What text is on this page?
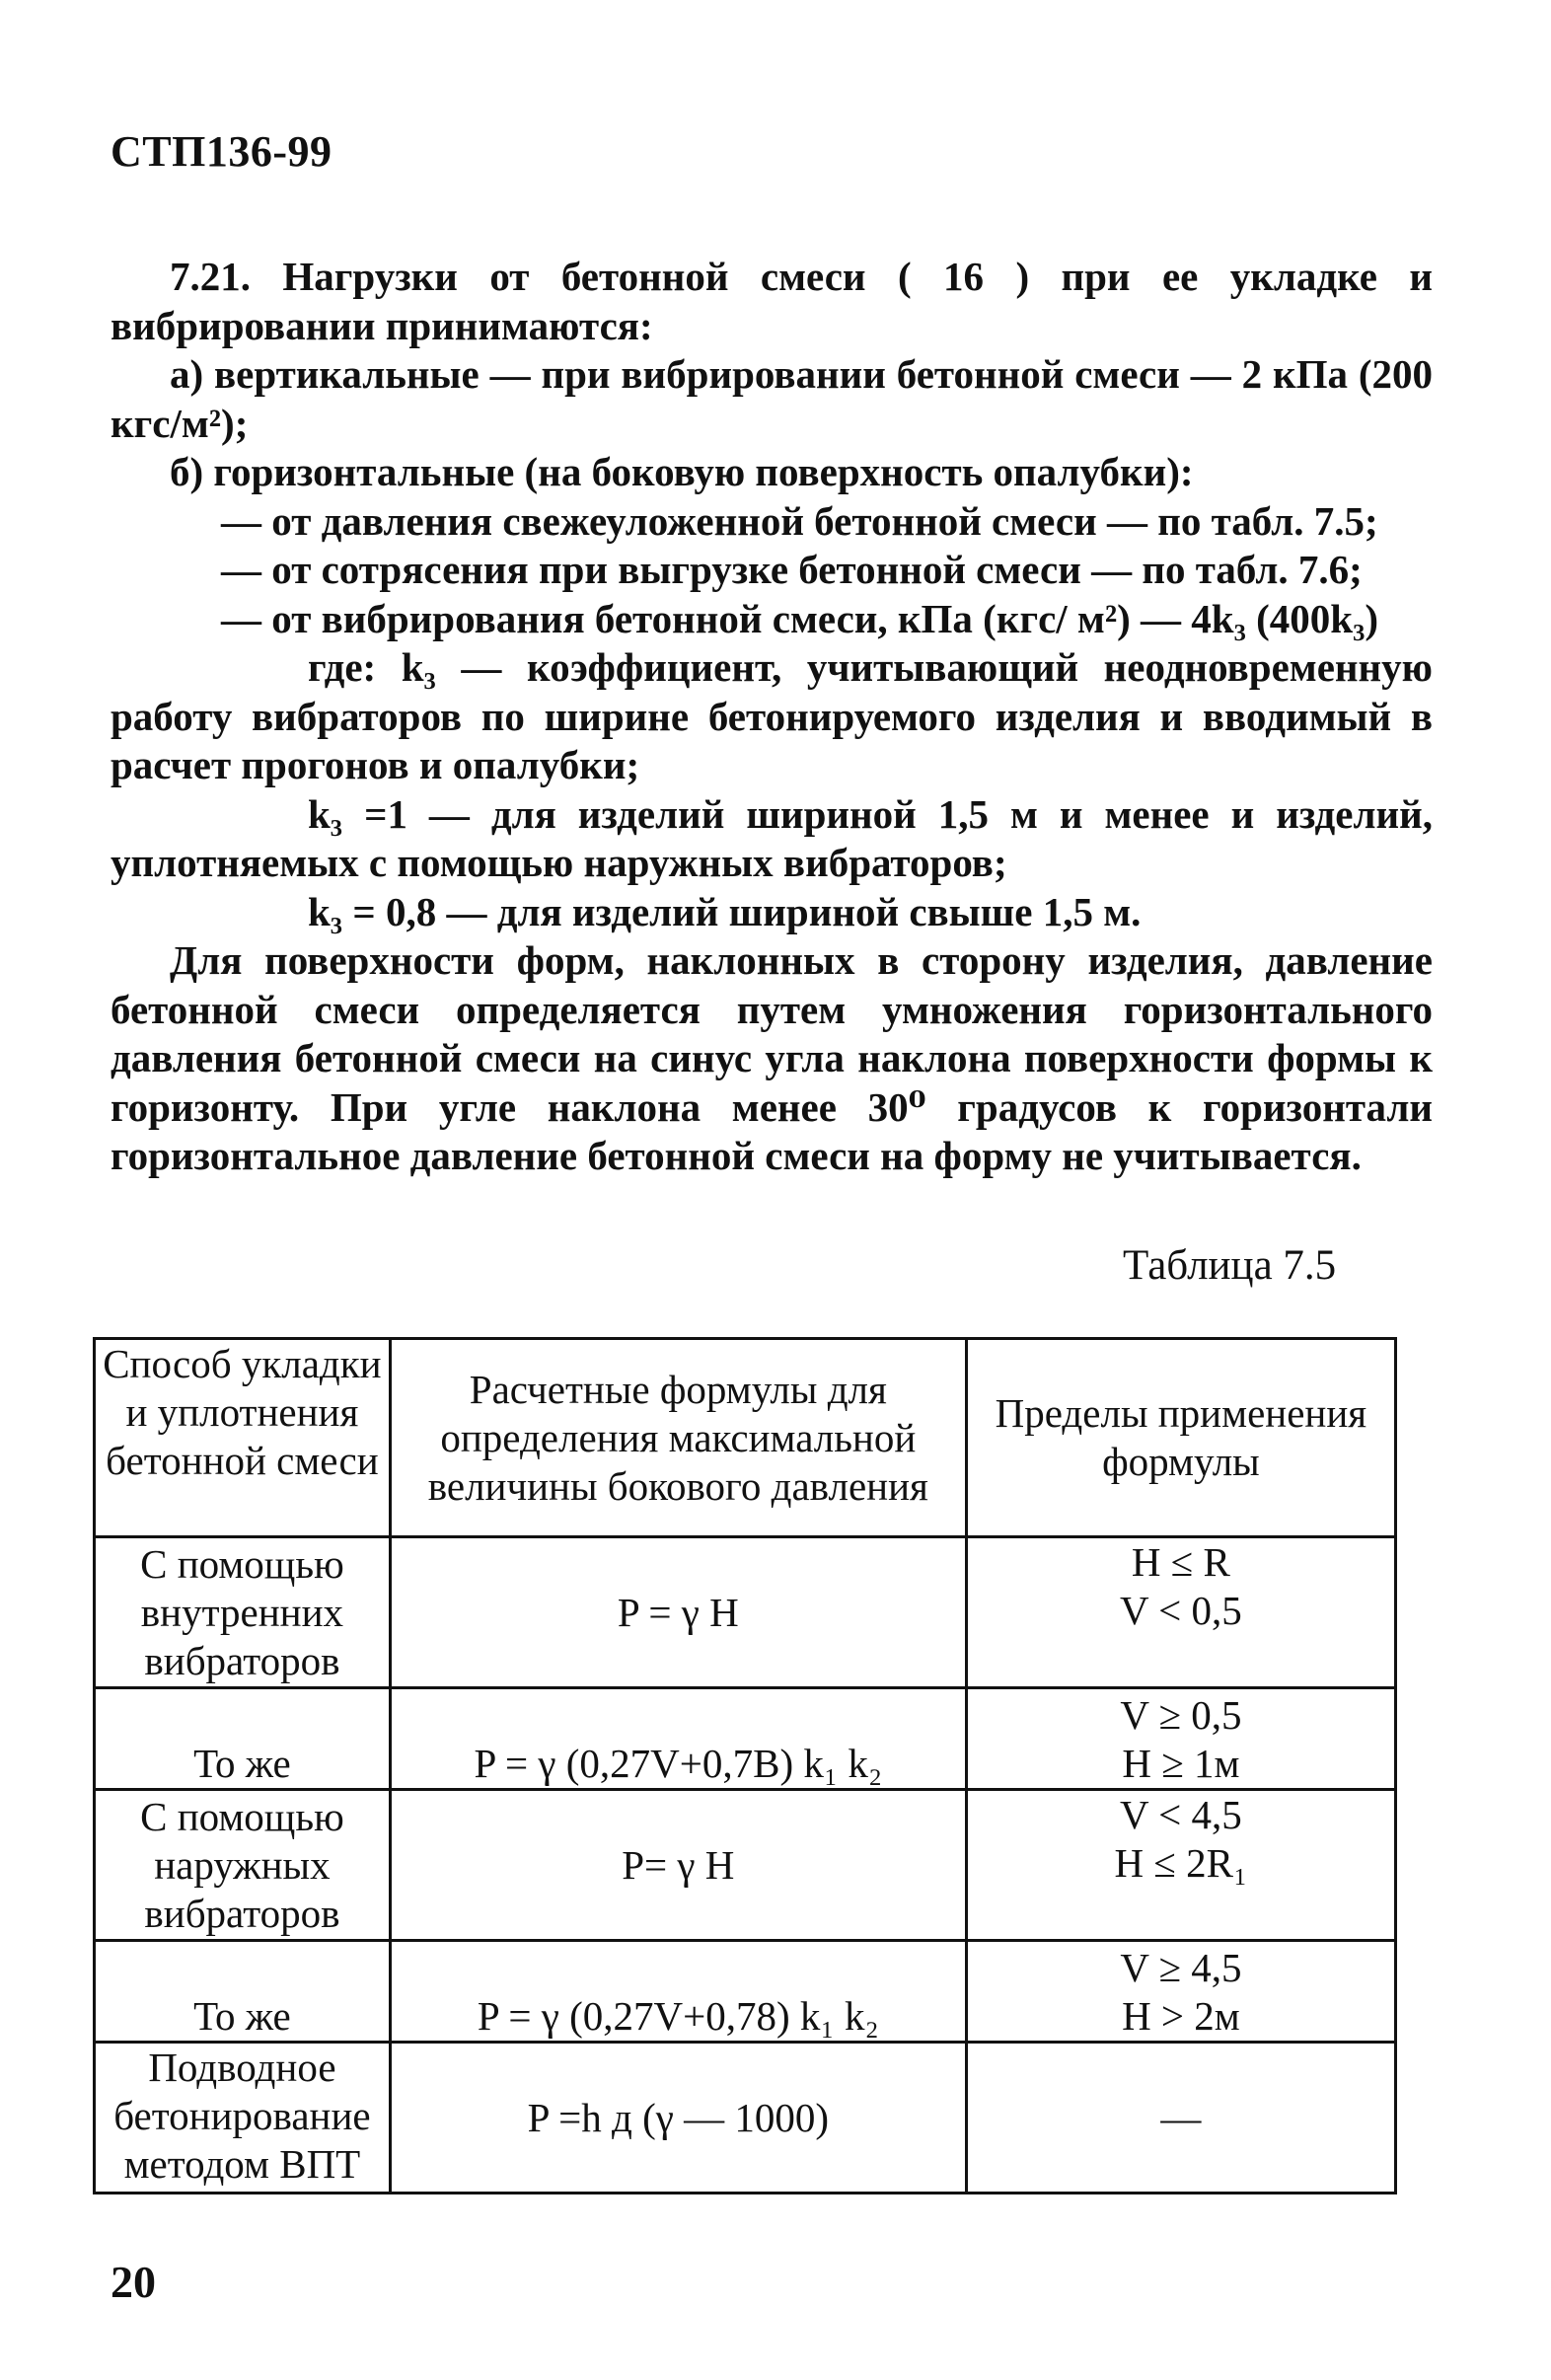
СТП136-99

7.21. Нагрузки от бетонной смеси ( 16 ) при ее укладке и вибрировании принимаются:

а) вертикальные — при вибрировании бетонной смеси — 2 кПа (200 кгс/м²);

б) горизонтальные (на боковую поверхность опалубки):

— от давления свежеуложенной бетонной смеси — по табл. 7.5;

— от сотрясения при выгрузке бетонной смеси — по табл. 7.6;

— от вибрирования бетонной смеси, кПа (кгс/ м²) — 4k₃ (400k₃)

где: k₃ — коэффициент, учитывающий неодновременную работу вибраторов по ширине бетонируемого изделия и вводимый в расчет прогонов и опалубки;

k₃ =1 — для изделий шириной 1,5 м и менее и изделий, уплотняемых с помощью наружных вибраторов;

k₃ = 0,8 — для изделий шириной свыше 1,5 м.

Для поверхности форм, наклонных в сторону изделия, давление бетонной смеси определяется путем умножения горизонтального давления бетонной смеси на синус угла наклона поверхности формы к горизонту. При угле наклона менее 30⁰ градусов к горизонтали горизонтальное давление бетонной смеси на форму не учитывается.

Таблица 7.5
Способ укладки и уплотнения бетонной смеси	Расчетные формулы для определения максимальной величины бокового давления	Пределы применения формулы
С помощью внутренних вибраторов	P = γ H	H ≤ R
V < 0,5

То же	P = γ (0,27V+0,7B) k₁ k₂	V ≥ 0,5
H ≥ 1м

С помощью наружных вибраторов	P= γ H	V < 4,5
H ≤ 2R₁

То же	P = γ (0,27V+0,78) k₁ k₂	V ≥ 4,5
H > 2м

Подводное бетонирование методом ВПТ	P =h д (γ — 1000)	—
20
